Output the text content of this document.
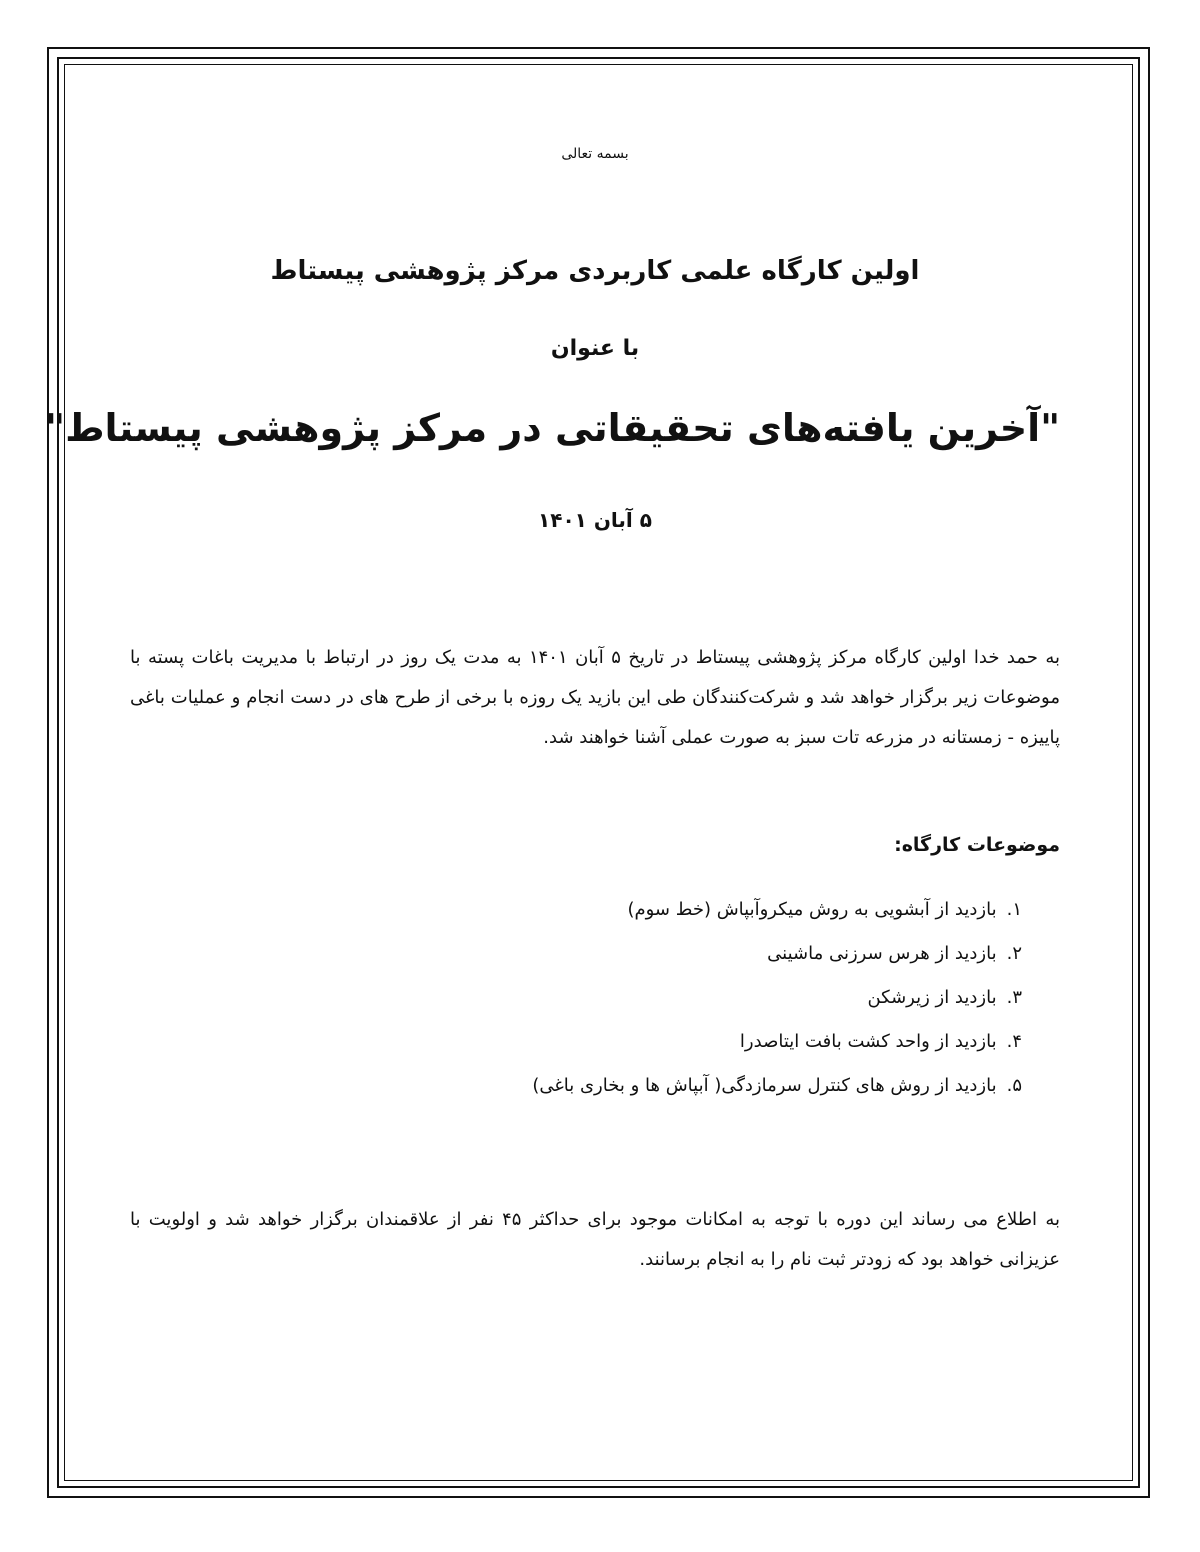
بسمه تعالی
اولین کارگاه علمی کاربردی مرکز پژوهشی پیستاط
با عنوان
"آخرین یافته‌های تحقیقاتی در مرکز پژوهشی پیستاط"
۵ آبان ۱۴۰۱

به حمد خدا اولین کارگاه مرکز پژوهشی پیستاط در تاریخ ۵ آبان ۱۴۰۱ به مدت یک روز در ارتباط با مدیریت باغات پسته با موضوعات زیر برگزار خواهد شد و شرکت‌کنندگان طی این بازید یک روزه با برخی از طرح های در دست انجام و عملیات باغی پاییزه - زمستانه در مزرعه تات سبز به صورت عملی آشنا خواهند شد.

موضوعات کارگاه:
۱.بازدید از آبشویی به روش میکروآبپاش (خط سوم)
۲.بازدید از هرس سرزنی ماشینی
۳.بازدید از زیرشکن
۴.بازدید از واحد کشت بافت ایتاصدرا
۵.بازدید از روش های کنترل سرمازدگی( آبپاش ها و بخاری باغی)

به اطلاع می رساند این دوره با توجه به امکانات موجود برای حداکثر ۴۵ نفر از علاقمندان برگزار خواهد شد و اولویت با عزیزانی خواهد بود که زودتر ثبت نام را به انجام برسانند.
